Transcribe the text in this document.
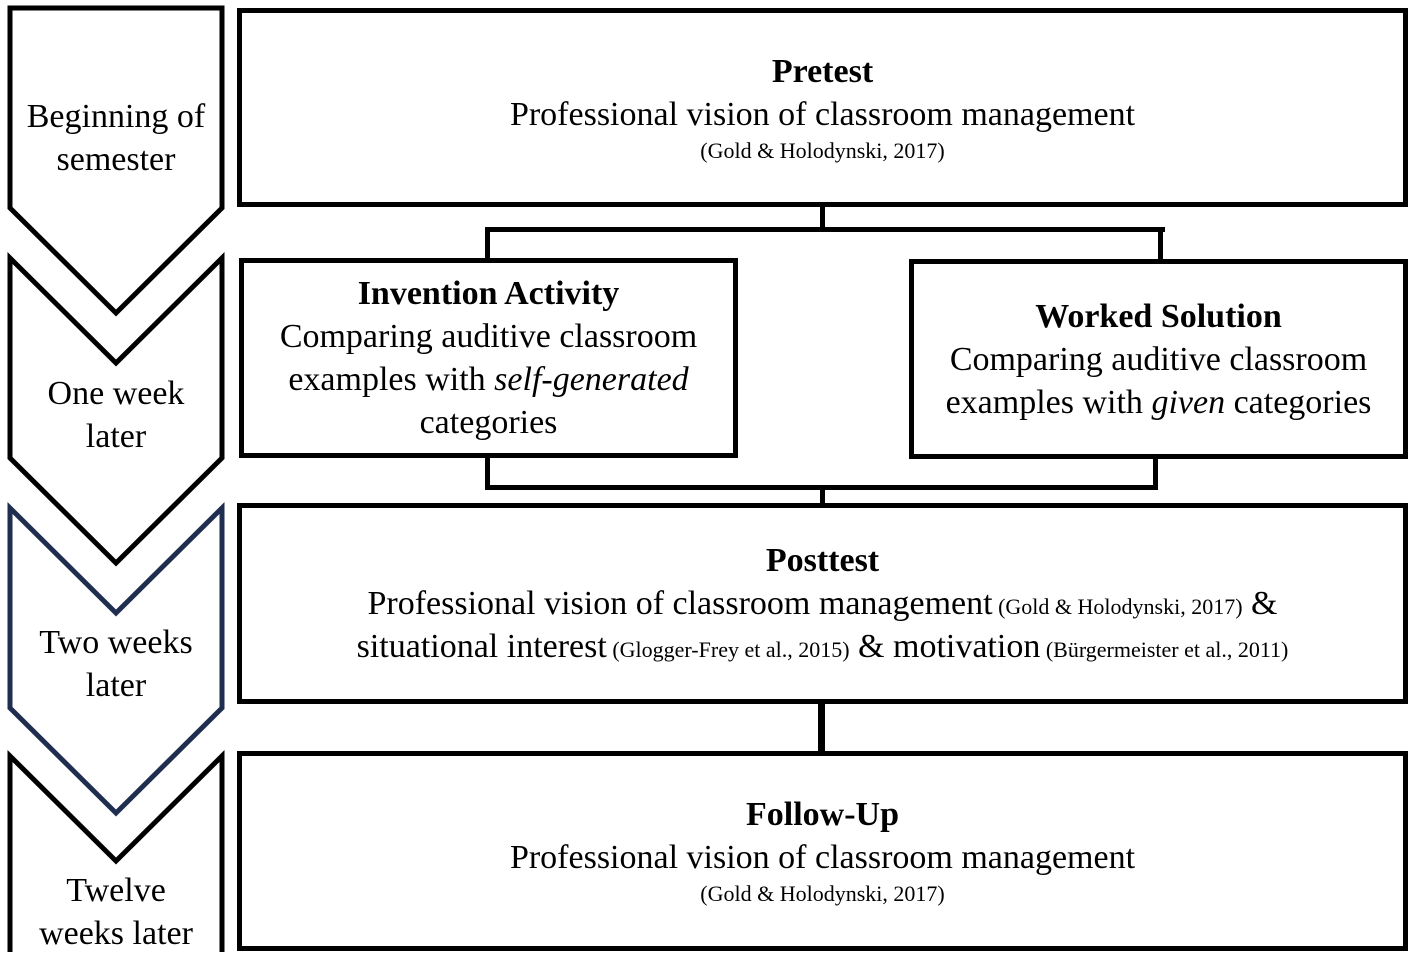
Beginning of semester
One week later
Two weeks later
Twelve weeks later
Pretest
Professional vision of classroom management
(Gold & Holodynski, 2017)
Invention Activity
Comparing auditive classroom examples with self-generated categories
Worked Solution
Comparing auditive classroom examples with given categories
Posttest
Professional vision of classroom management (Gold & Holodynski, 2017) &
situational interest (Glogger-Frey et al., 2015) & motivation (Bürgermeister et al., 2011)
Follow-Up
Professional vision of classroom management
(Gold & Holodynski, 2017)
